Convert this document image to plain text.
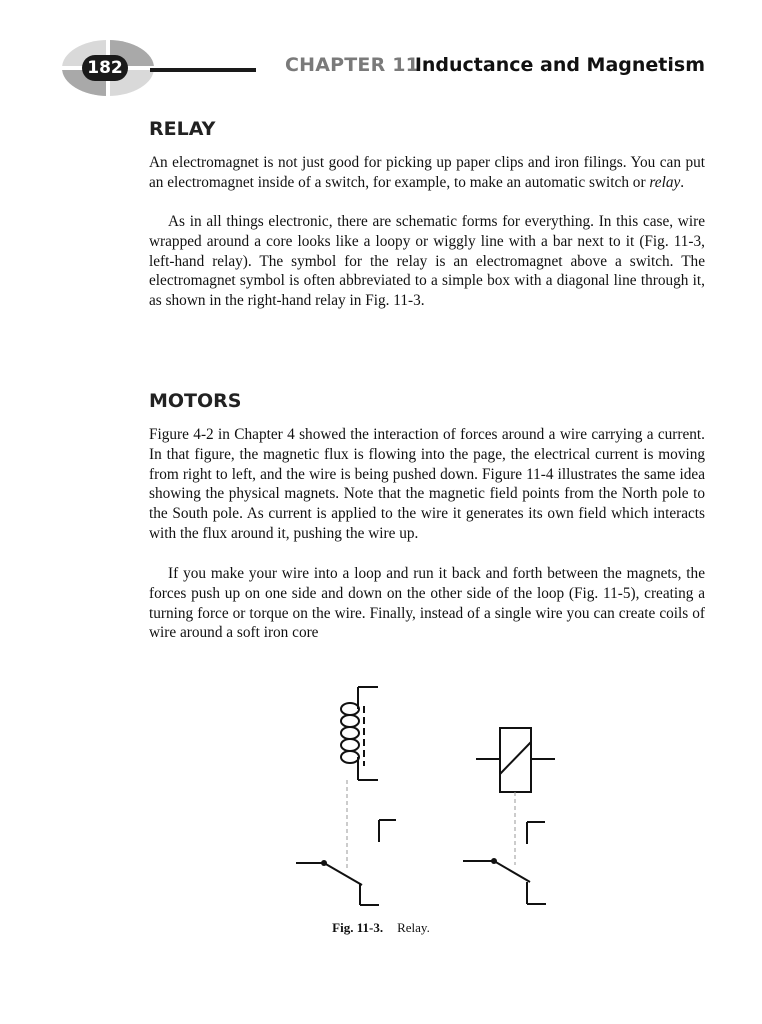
182	CHAPTER 11
Inductance and Magnetism
RELAY

An electromagnet is not just good for picking up paper clips and iron filings. You can put an electromagnet inside of a switch, for example, to make an automatic switch or relay.

As in all things electronic, there are schematic forms for everything. In this case, wire wrapped around a core looks like a loopy or wiggly line with a bar next to it (Fig. 11-3, left-hand relay). The symbol for the relay is an electromagnet above a switch. The electromagnet symbol is often abbreviated to a simple box with a diagonal line through it, as shown in the right-hand relay in Fig. 11-3.

MOTORS

Figure 4-2 in Chapter 4 showed the interaction of forces around a wire carrying a current. In that figure, the magnetic flux is flowing into the page, the electrical current is moving from right to left, and the wire is being pushed down. Figure 11-4 illustrates the same idea showing the physical magnets. Note that the magnetic field points from the North pole to the South pole. As current is applied to the wire it generates its own field which interacts with the flux around it, pushing the wire up.

If you make your wire into a loop and run it back and forth between the magnets, the forces push up on one side and down on the other side of the loop (Fig. 11-5), creating a turning force or torque on the wire. Finally, instead of a single wire you can create coils of wire around a soft iron core

Fig. 11-3. Relay.
